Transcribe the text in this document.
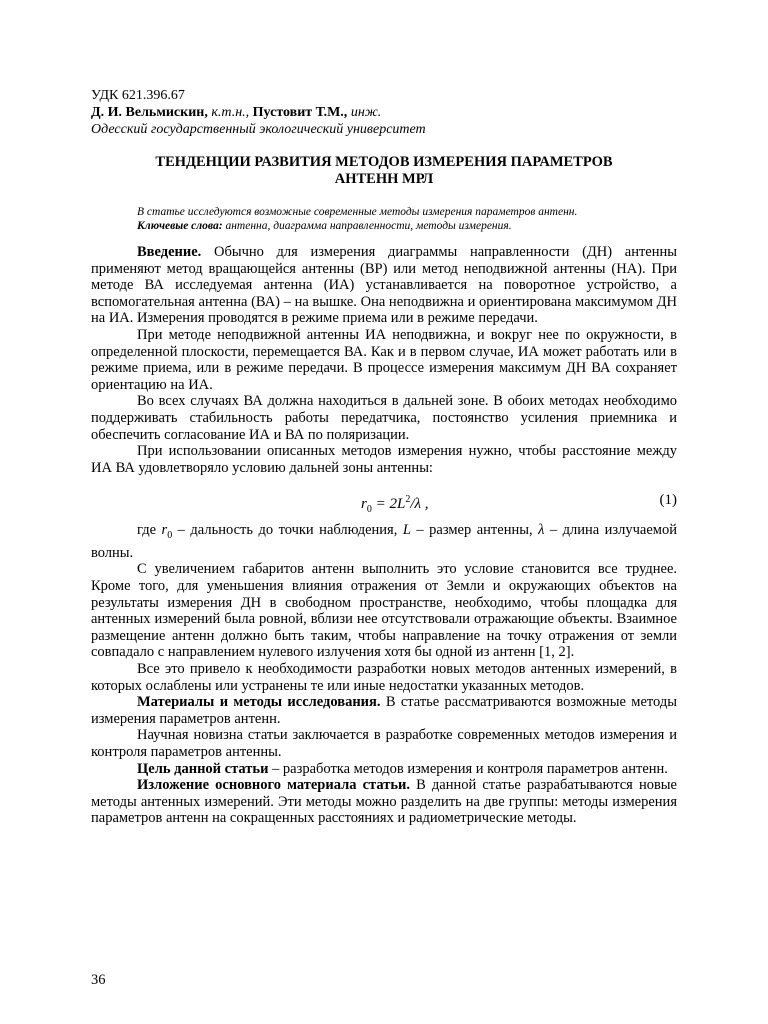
УДК 621.396.67
Д. И. Вельмискин, к.т.н., Пустовит Т.М., инж.
Одесский государственный экологический университет
ТЕНДЕНЦИИ РАЗВИТИЯ МЕТОДОВ ИЗМЕРЕНИЯ ПАРАМЕТРОВ
АНТЕНН МРЛ
В статье исследуются возможные современные методы измерения параметров антенн.
Ключевые слова: антенна, диаграмма направленности, методы измерения.

Введение. Обычно для измерения диаграммы направленности (ДН) антенны применяют метод вращающейся антенны (ВР) или метод неподвижной антенны (НА). При методе ВА исследуемая антенна (ИА) устанавливается на поворотное устройство, а вспомогательная антенна (ВА) – на вышке. Она неподвижна и ориентирована максимумом ДН на ИА. Измерения проводятся в режиме приема или в режиме передачи.

При методе неподвижной антенны ИА неподвижна, и вокруг нее по окружности, в определенной плоскости, перемещается ВА. Как и в первом случае, ИА может работать или в режиме приема, или в режиме передачи. В процессе измерения максимум ДН ВА сохраняет ориентацию на ИА.

Во всех случаях ВА должна находиться в дальней зоне. В обоих методах необходимо поддерживать стабильность работы передатчика, постоянство усиления приемника и обеспечить согласование ИА и ВА по поляризации.

При использовании описанных методов измерения нужно, чтобы расстояние между ИА ВА удовлетворяло условию дальней зоны антенны:

$r_0 = 2L^2/\lambda$ ,	(1)

где $r_0$ – дальность до точки наблюдения, L – размер антенны, λ – длина излучаемой волны.

С увеличением габаритов антенн выполнить это условие становится все труднее. Кроме того, для уменьшения влияния отражения от Земли и окружающих объектов на результаты измерения ДН в свободном пространстве, необходимо, чтобы площадка для антенных измерений была ровной, вблизи нее отсутствовали отражающие объекты. Взаимное размещение антенн должно быть таким, чтобы направление на точку отражения от земли совпадало с направлением нулевого излучения хотя бы одной из антенн [1, 2].

Все это привело к необходимости разработки новых методов антенных измерений, в которых ослаблены или устранены те или иные недостатки указанных методов.

Материалы и методы исследования. В статье рассматриваются возможные методы измерения параметров антенн.

Научная новизна статьи заключается в разработке современных методов измерения и контроля параметров антенны.

Цель данной статьи – разработка методов измерения и контроля параметров антенн.

Изложение основного материала статьи. В данной статье разрабатываются новые методы антенных измерений. Эти методы можно разделить на две группы: методы измерения параметров антенн на сокращенных расстояниях и радиометрические методы.

36
